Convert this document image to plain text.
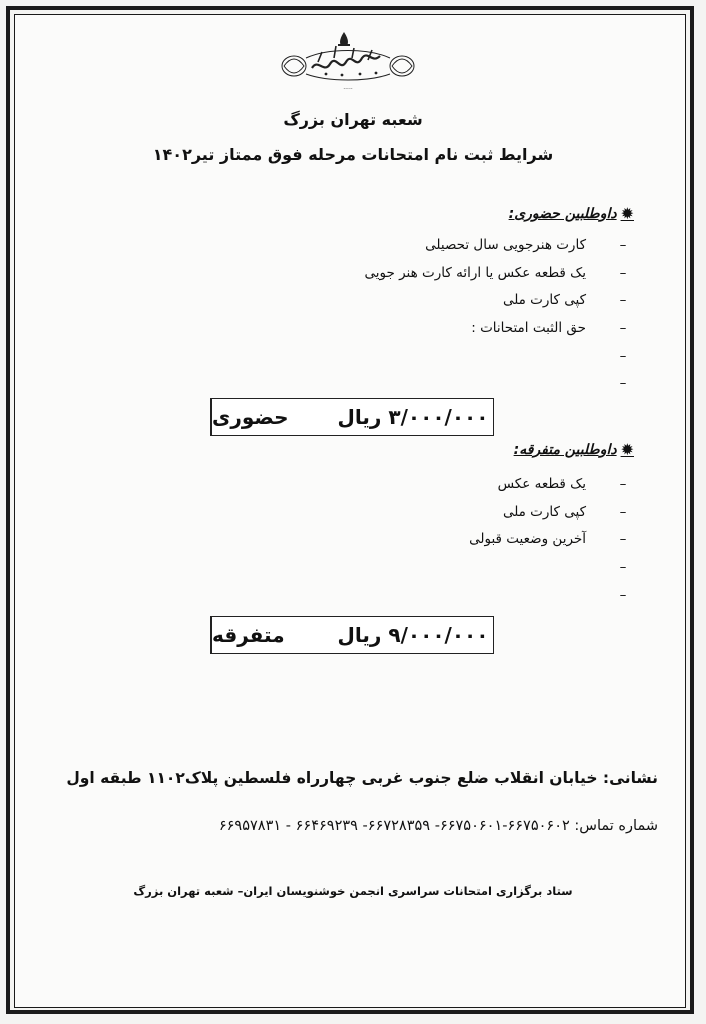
·····
شعبه تهران بزرگ
شرایط ثبت نام امتحانات مرحله فوق ممتاز تیر۱۴۰۲
✹
داوطلبین حضوری:
–
کارت هنرجویی سال تحصیلی
–
یک قطعه عکس یا ارائه کارت هنر جویی
–
کپی کارت ملی
–
حق الثبت امتحانات :
–
–
حضوری	۳/۰۰۰/۰۰۰ ریال
✹
داوطلبین متفرقه:
–
یک قطعه عکس
–
کپی کارت ملی
–
آخرین وضعیت قبولی
–
–
متفرقه	۹/۰۰۰/۰۰۰ ریال
نشانی: خیابان انقلاب ضلع جنوب غربی چهارراه فلسطین پلاک۱۱۰۲ طبقه اول
شماره تماس: ۶۶۷۵۰۶۰۲-۶۶۷۵۰۶۰۱- ۶۶۷۲۸۳۵۹- ۶۶۴۶۹۲۳۹ - ۶۶۹۵۷۸۳۱
ستاد برگزاری امتحانات سراسری انجمن خوشنویسان ایران– شعبه تهران بزرگ
